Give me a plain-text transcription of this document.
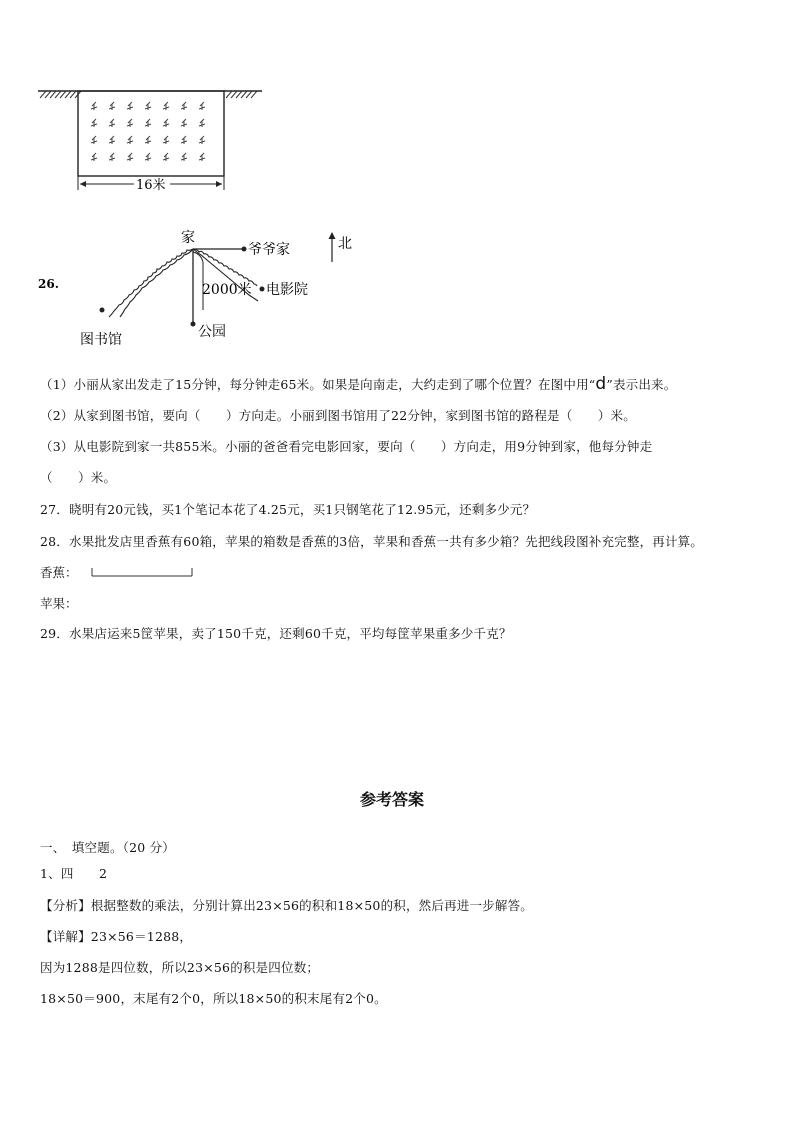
16米
26.
家
爷爷家
公园
2000米 电影院
图书馆
北
（1）小丽从家出发走了15分钟，每分钟走65米。如果是向南走，大约走到了哪个位置？在图中用“d”表示出来。
（2）从家到图书馆，要向（　　）方向走。小丽到图书馆用了22分钟，家到图书馆的路程是（　　）米。
（3）从电影院到家一共855米。小丽的爸爸看完电影回家，要向（　　）方向走，用9分钟到家，他每分钟走
（　　）米。
27．晓明有20元钱，买1个笔记本花了4.25元，买1只钢笔花了12.95元，还剩多少元？
28．水果批发店里香蕉有60箱，苹果的箱数是香蕉的3倍，苹果和香蕉一共有多少箱？先把线段图补充完整，再计算。
香蕉：
苹果：
29．水果店运来5筐苹果，卖了150千克，还剩60千克，平均每筐苹果重多少千克？
参考答案
一、　填空题。（20 分）
1、四　　2
【分析】根据整数的乘法，分别计算出23×56的积和18×50的积，然后再进一步解答。
【详解】23×56＝1288，
因为1288是四位数，所以23×56的积是四位数；
18×50＝900，末尾有2个0，所以18×50的积末尾有2个0。
